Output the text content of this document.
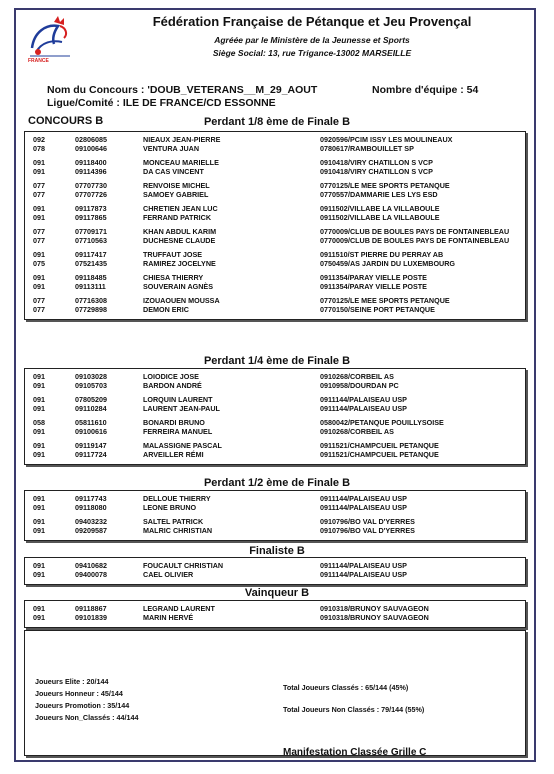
FRANCE
Fédération Française de Pétanque et Jeu Provençal
Agréée par le Ministère de la Jeunesse et Sports
Siège Social: 13, rue Trigance-13002 MARSEILLE
Nom du Concours : 'DOUB_VETERANS__M_29_AOUT	Nombre d'équipe : 54
Ligue/Comité : ILE DE FRANCE/CD ESSONNE
CONCOURS B	Perdant 1/8 ème de Finale B
092	02806085	NIEAUX JEAN-PIERRE	0920596/PCIM ISSY LES MOULINEAUX
078	09100646	VENTURA JUAN	0780617/RAMBOUILLET SP
091	09118400	MONCEAU MARIELLE	0910418/VIRY CHATILLON S VCP
091	09114396	DA CAS VINCENT	0910418/VIRY CHATILLON S VCP
077	07707730	RENVOISE MICHEL	0770125/LE MEE SPORTS PETANQUE
077	07707726	SAMOEY GABRIEL	0770557/DAMMARIE LES LYS ESD
091	09117873	CHRETIEN JEAN LUC	0911502/VILLABE LA VILLABOULE
091	09117865	FERRAND PATRICK	0911502/VILLABE LA VILLABOULE
077	07709171	KHAN ABDUL KARIM	0770009/CLUB DE BOULES PAYS DE FONTAINEBLEAU
077	07710563	DUCHESNE CLAUDE	0770009/CLUB DE BOULES PAYS DE FONTAINEBLEAU
091	09117417	TRUFFAUT JOSE	0911510/ST PIERRE DU PERRAY AB
075	07521435	RAMIREZ JOCELYNE	0750459/AS JARDIN DU LUXEMBOURG
091	09118485	CHIESA THIERRY	0911354/PARAY VIELLE POSTE
091	09113111	SOUVERAIN AGNÈS	0911354/PARAY VIELLE POSTE
077	07716308	IZOUAOUEN MOUSSA	0770125/LE MEE SPORTS PETANQUE
077	07729898	DEMON ERIC	0770150/SEINE PORT PETANQUE
Perdant 1/4 ème de Finale B
091	09103028	LOIODICE JOSE	0910268/CORBEIL AS
091	09105703	BARDON ANDRÉ	0910958/DOURDAN PC
091	07805209	LORQUIN LAURENT	0911144/PALAISEAU USP
091	09110284	LAURENT JEAN-PAUL	0911144/PALAISEAU USP
058	05811610	BONARDI BRUNO	0580042/PETANQUE POUILLYSOISE
091	09100616	FERREIRA MANUEL	0910268/CORBEIL AS
091	09119147	MALASSIGNE PASCAL	0911521/CHAMPCUEIL PETANQUE
091	09117724	ARVEILLER RÉMI	0911521/CHAMPCUEIL PETANQUE
Perdant 1/2 ème de Finale B
091	09117743	DELLOUE THIERRY	0911144/PALAISEAU USP
091	09118080	LEONE BRUNO	0911144/PALAISEAU USP
091	09403232	SALTEL PATRICK	0910796/BO VAL D'YERRES
091	09209587	MALRIC CHRISTIAN	0910796/BO VAL D'YERRES
Finaliste B
091	09410682	FOUCAULT CHRISTIAN	0911144/PALAISEAU USP
091	09400078	CAEL OLIVIER	0911144/PALAISEAU USP
Vainqueur B
091	09118867	LEGRAND LAURENT	0910318/BRUNOY SAUVAGEON
091	09101839	MARIN HERVÉ	0910318/BRUNOY SAUVAGEON
Joueurs Elite : 20/144
Joueurs Honneur : 45/144
Joueurs Promotion : 35/144
Joueurs Non_Classés : 44/144
Total Joueurs Classés : 65/144 (45%)
Total Joueurs Non Classés : 79/144 (55%)
Manifestation Classée Grille C
